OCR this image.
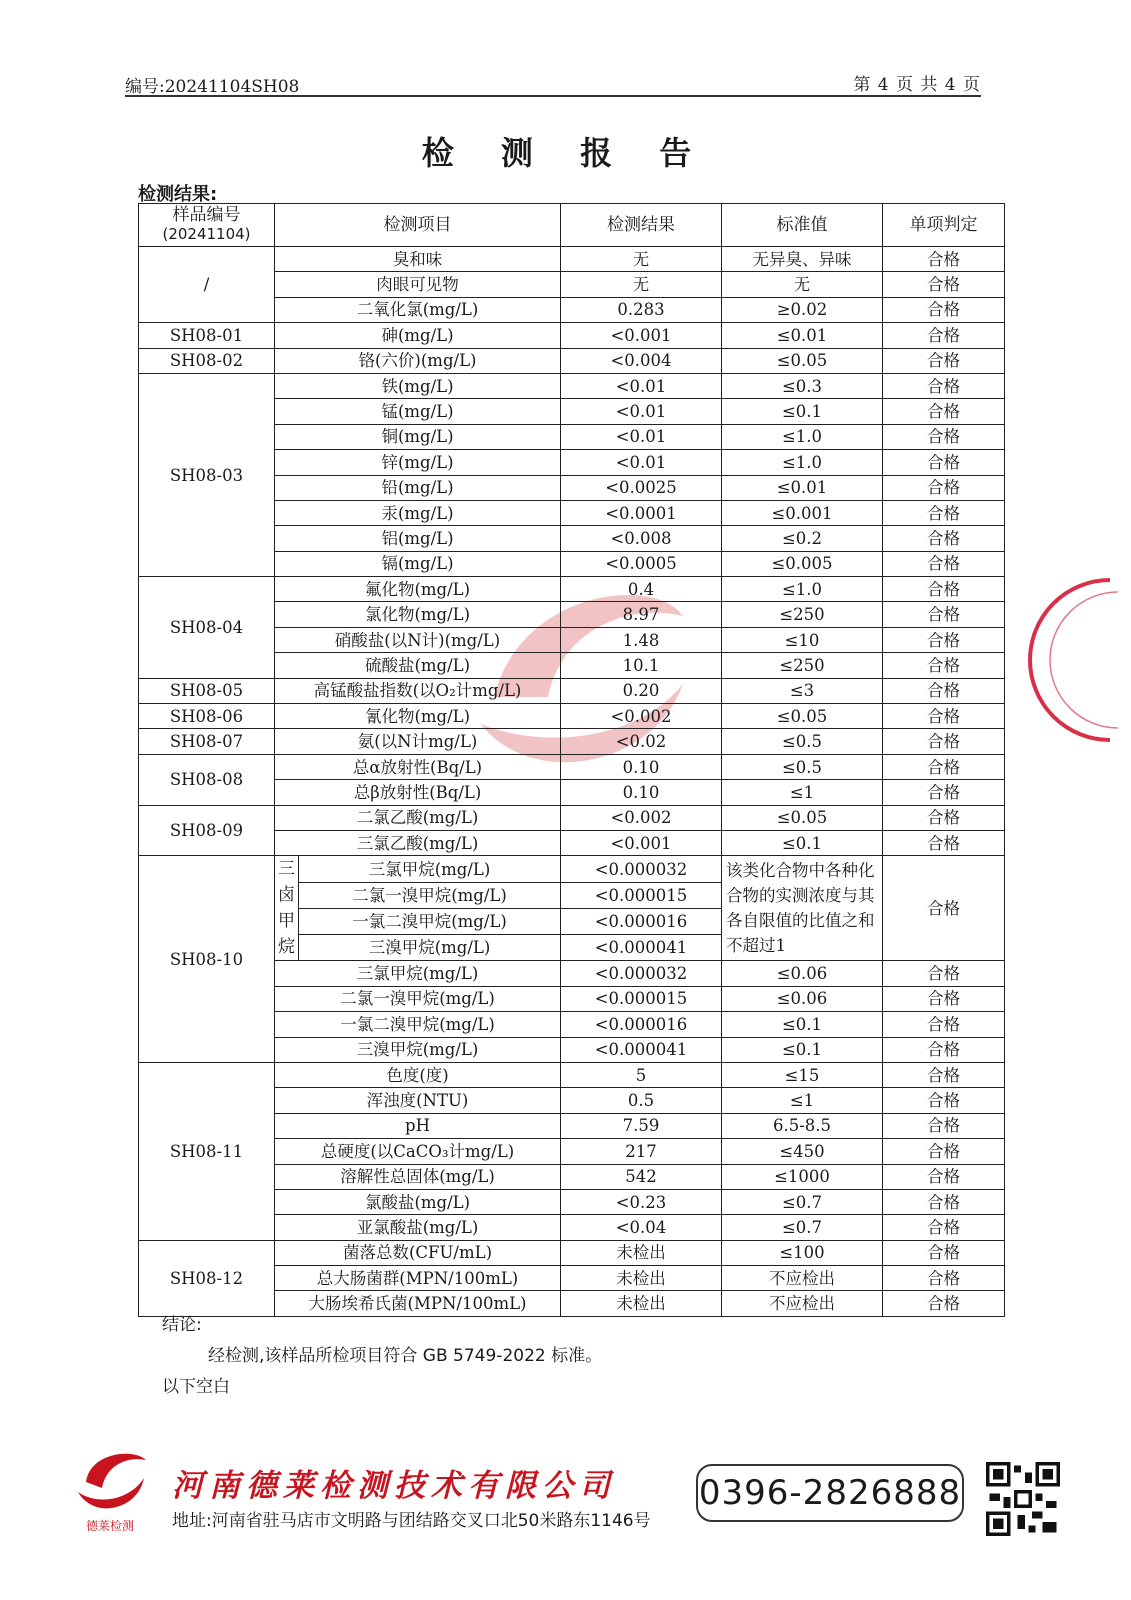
编号:20241104SH08	第 4 页 共 4 页
检 测 报 告
检测结果:
样品编号
(20241104)	检测项目		检测结果	标准值	单项判定
/	臭和味		无	无异臭、异味	合格
	肉眼可见物		无	无	合格
	二氧化氯(mg/L)		0.283	≥0.02	合格
SH08-01	砷(mg/L)		<0.001	≤0.01	合格
SH08-02	铬(六价)(mg/L)		<0.004	≤0.05	合格
SH08-03	铁(mg/L)		<0.01	≤0.3	合格
	锰(mg/L)		<0.01	≤0.1	合格
	铜(mg/L)		<0.01	≤1.0	合格
	锌(mg/L)		<0.01	≤1.0	合格
	铅(mg/L)		<0.0025	≤0.01	合格
	汞(mg/L)		<0.0001	≤0.001	合格
	铝(mg/L)		<0.008	≤0.2	合格
	镉(mg/L)		<0.0005	≤0.005	合格
SH08-04	氟化物(mg/L)		0.4	≤1.0	合格
	氯化物(mg/L)		8.97	≤250	合格
	硝酸盐(以N计)(mg/L)		1.48	≤10	合格
	硫酸盐(mg/L)		10.1	≤250	合格
SH08-05	高锰酸盐指数(以O₂计mg/L)		0.20	≤3	合格
SH08-06	氰化物(mg/L)		<0.002	≤0.05	合格
SH08-07	氨(以N计mg/L)		<0.02	≤0.5	合格
SH08-08	总α放射性(Bq/L)		0.10	≤0.5	合格
	总β放射性(Bq/L)		0.10	≤1	合格
SH08-09	二氯乙酸(mg/L)		<0.002	≤0.05	合格
	三氯乙酸(mg/L)		<0.001	≤0.1	合格
SH08-10	三卤甲烷	三氯甲烷(mg/L)	<0.000032	该类化合物中各种化合物的实测浓度与其各自限值的比值之和不超过1	合格
		二氯一溴甲烷(mg/L)	<0.000015		
		一氯二溴甲烷(mg/L)	<0.000016		
		三溴甲烷(mg/L)	<0.000041		
	三氯甲烷(mg/L)		<0.000032	≤0.06	合格
	二氯一溴甲烷(mg/L)		<0.000015	≤0.06	合格
	一氯二溴甲烷(mg/L)		<0.000016	≤0.1	合格
	三溴甲烷(mg/L)		<0.000041	≤0.1	合格
SH08-11	色度(度)		5	≤15	合格
	浑浊度(NTU)		0.5	≤1	合格
	pH		7.59	6.5-8.5	合格
	总硬度(以CaCO₃计mg/L)		217	≤450	合格
	溶解性总固体(mg/L)		542	≤1000	合格
	氯酸盐(mg/L)		<0.23	≤0.7	合格
	亚氯酸盐(mg/L)		<0.04	≤0.7	合格
SH08-12	菌落总数(CFU/mL)		未检出	≤100	合格
	总大肠菌群(MPN/100mL)		未检出	不应检出	合格
	大肠埃希氏菌(MPN/100mL)		未检出	不应检出	合格
结论:
经检测,该样品所检项目符合 GB 5749-2022 标准。
以下空白
德莱检测
河南德莱检测技术有限公司
地址:河南省驻马店市文明路与团结路交叉口北50米路东1146号
0396-2826888
